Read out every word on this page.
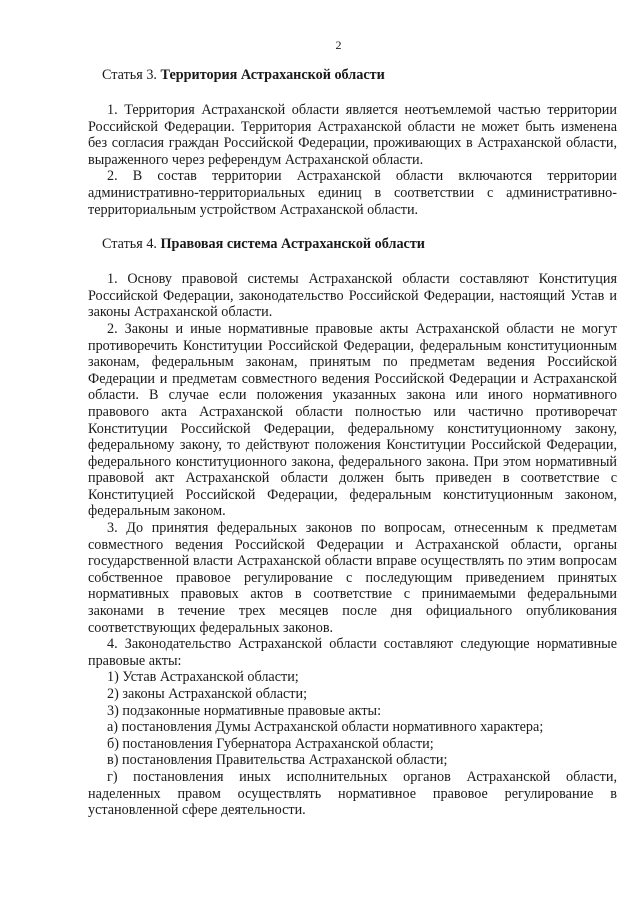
2
Статья 3. Территория Астраханской области

1. Территория Астраханской области является неотъемлемой частью территории Российской Федерации. Территория Астраханской области не может быть изменена без согласия граждан Российской Федерации, проживающих в Астраханской области, выраженного через референдум Астраханской области.

2. В состав территории Астраханской области включаются территории административно-территориальных единиц в соответствии с административно-территориальным устройством Астраханской области.

Статья 4. Правовая система Астраханской области

1. Основу правовой системы Астраханской области составляют Конституция Российской Федерации, законодательство Российской Федерации, настоящий Устав и законы Астраханской области.

2. Законы и иные нормативные правовые акты Астраханской области не могут противоречить Конституции Российской Федерации, федеральным конституционным законам, федеральным законам, принятым по предметам ведения Российской Федерации и предметам совместного ведения Российской Федерации и Астраханской области. В случае если положения указанных закона или иного нормативного правового акта Астраханской области полностью или частично противоречат Конституции Российской Федерации, федеральному конституционному закону, федеральному закону, то действуют положения Конституции Российской Федерации, федерального конституционного закона, федерального закона. При этом нормативный правовой акт Астраханской области должен быть приведен в соответствие с Конституцией Российской Федерации, федеральным конституционным законом, федеральным законом.

3. До принятия федеральных законов по вопросам, отнесенным к предметам совместного ведения Российской Федерации и Астраханской области, органы государственной власти Астраханской области вправе осуществлять по этим вопросам собственное правовое регулирование с последующим приведением принятых нормативных правовых актов в соответствие с принимаемыми федеральными законами в течение трех месяцев после дня официального опубликования соответствующих федеральных законов.

4. Законодательство Астраханской области составляют следующие нормативные правовые акты:

1) Устав Астраханской области;

2) законы Астраханской области;

3) подзаконные нормативные правовые акты:

а) постановления Думы Астраханской области нормативного характера;

б) постановления Губернатора Астраханской области;

в) постановления Правительства Астраханской области;

г) постановления иных исполнительных органов Астраханской области, наделенных правом осуществлять нормативное правовое регулирование в установленной сфере деятельности.
